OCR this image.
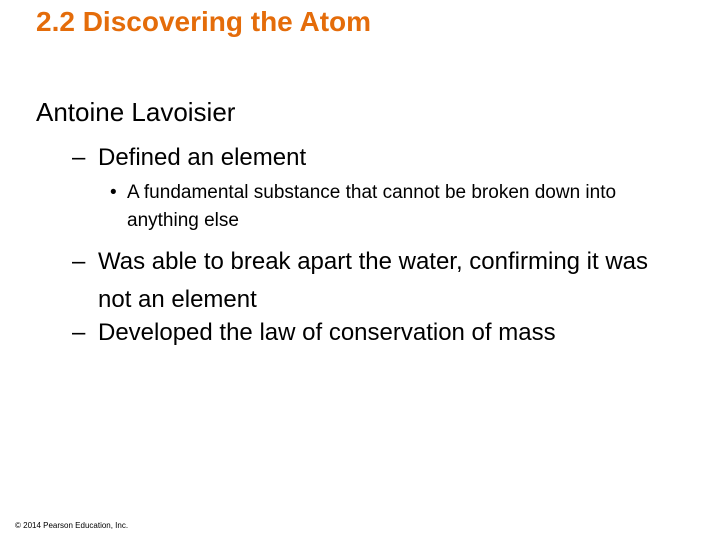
2.2 Discovering the Atom
Antoine Lavoisier
– Defined an element
• A fundamental substance that cannot be broken down into anything else
– Was able to break apart the water, confirming it was not an element
– Developed the law of conservation of mass
© 2014 Pearson Education, Inc.
